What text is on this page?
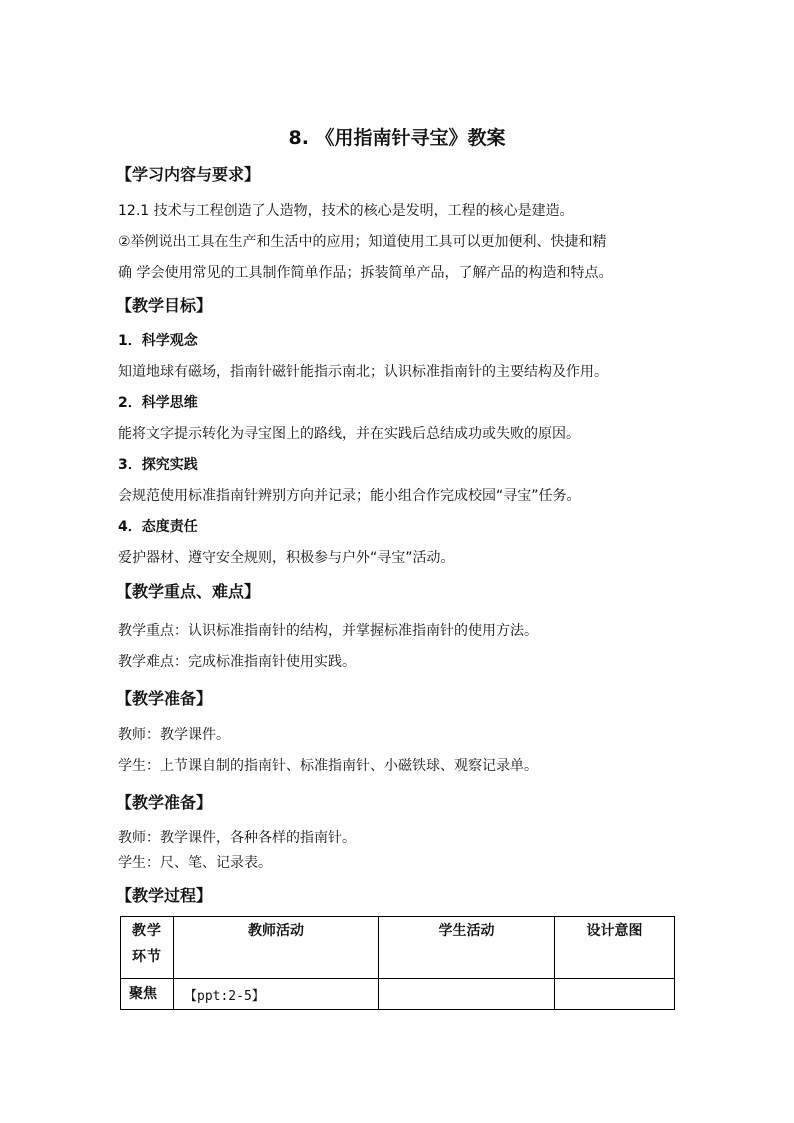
8. 《用指南针寻宝》教案
【学习内容与要求】
12.1 技术与工程创造了人造物，技术的核心是发明，工程的核心是建造。
②举例说出工具在生产和生活中的应用；知道使用工具可以更加便利、快捷和精
确 学会使用常见的工具制作简单作品；拆装简单产品，了解产品的构造和特点。
【教学目标】
1．科学观念
知道地球有磁场，指南针磁针能指示南北；认识标准指南针的主要结构及作用。
2．科学思维
能将文字提示转化为寻宝图上的路线，并在实践后总结成功或失败的原因。
3．探究实践
会规范使用标准指南针辨别方向并记录；能小组合作完成校园“寻宝”任务。
4．态度责任
爱护器材、遵守安全规则，积极参与户外“寻宝”活动。
【教学重点、难点】
教学重点：认识标准指南针的结构，并掌握标准指南针的使用方法。
教学难点：完成标准指南针使用实践。
【教学准备】
教师：教学课件。
学生：上节课自制的指南针、标准指南针、小磁铁球、观察记录单。
【教学准备】
教师：教学课件，各种各样的指南针。
学生：尺、笔、记录表。
【教学过程】
教学环节	教师活动	学生活动	设计意图
聚焦	【ppt:2-5】		
